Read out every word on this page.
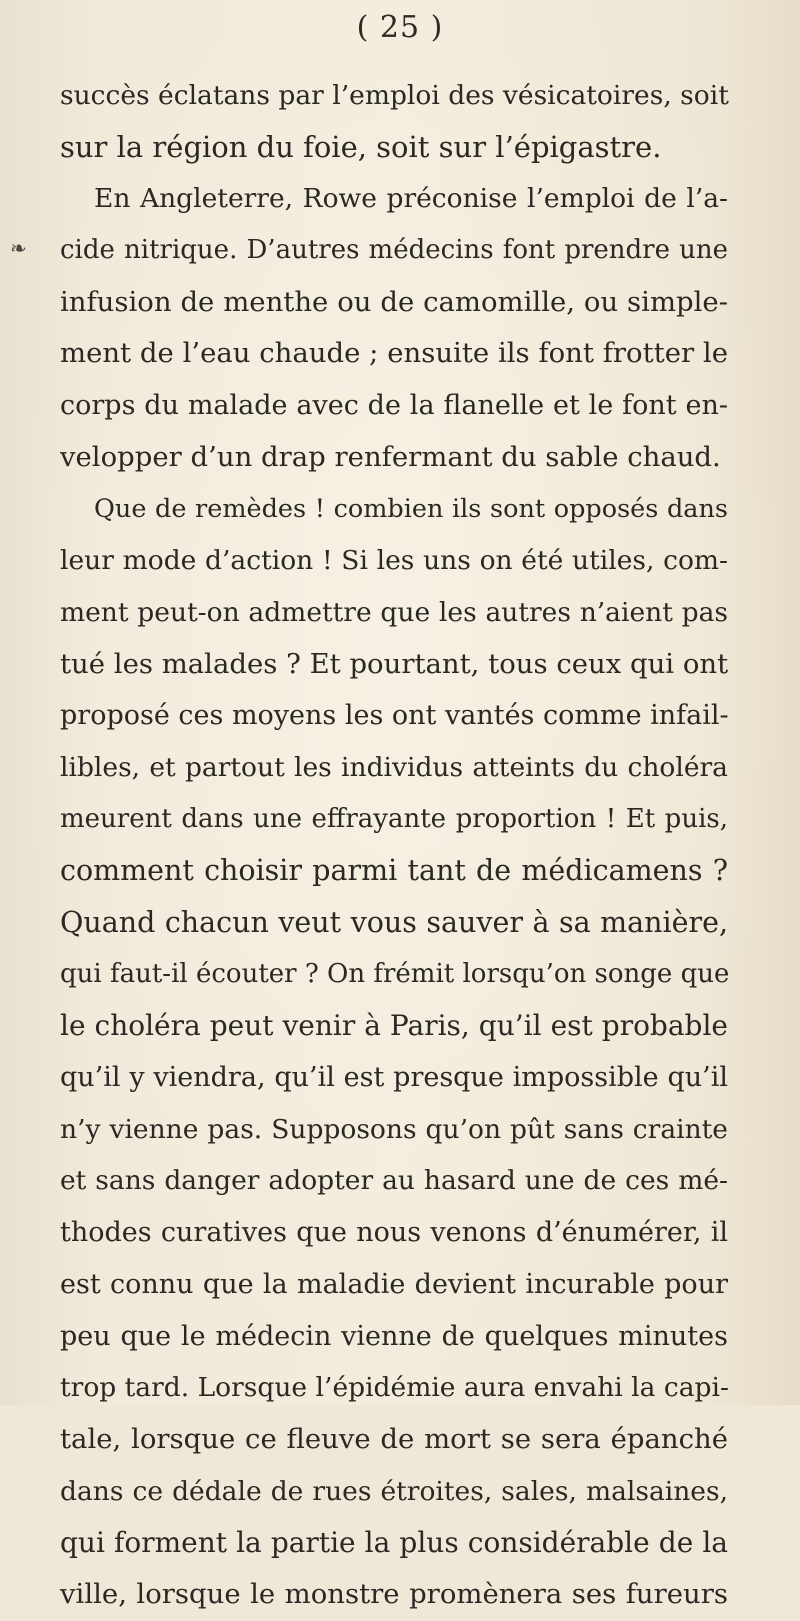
( 25 )
❧
succès éclatans par l’emploi des vésicatoires, soit
sur la région du foie, soit sur l’épigastre.
En Angleterre, Rowe préconise l’emploi de l’a-
cide nitrique. D’autres médecins font prendre une
infusion de menthe ou de camomille, ou simple-
ment de l’eau chaude ; ensuite ils font frotter le
corps du malade avec de la flanelle et le font en-
velopper d’un drap renfermant du sable chaud.
Que de remèdes ! combien ils sont opposés dans
leur mode d’action ! Si les uns on été utiles, com-
ment peut-on admettre que les autres n’aient pas
tué les malades ? Et pourtant, tous ceux qui ont
proposé ces moyens les ont vantés comme infail-
libles, et partout les individus atteints du choléra
meurent dans une effrayante proportion ! Et puis,
comment choisir parmi tant de médicamens ?
Quand chacun veut vous sauver à sa manière,
qui faut-il écouter ? On frémit lorsqu’on songe que
le choléra peut venir à Paris, qu’il est probable
qu’il y viendra, qu’il est presque impossible qu’il
n’y vienne pas. Supposons qu’on pût sans crainte
et sans danger adopter au hasard une de ces mé-
thodes curatives que nous venons d’énumérer, il
est connu que la maladie devient incurable pour
peu que le médecin vienne de quelques minutes
trop tard. Lorsque l’épidémie aura envahi la capi-
tale, lorsque ce fleuve de mort se sera épanché
dans ce dédale de rues étroites, sales, malsaines,
qui forment la partie la plus considérable de la
ville, lorsque le monstre promènera ses fureurs
